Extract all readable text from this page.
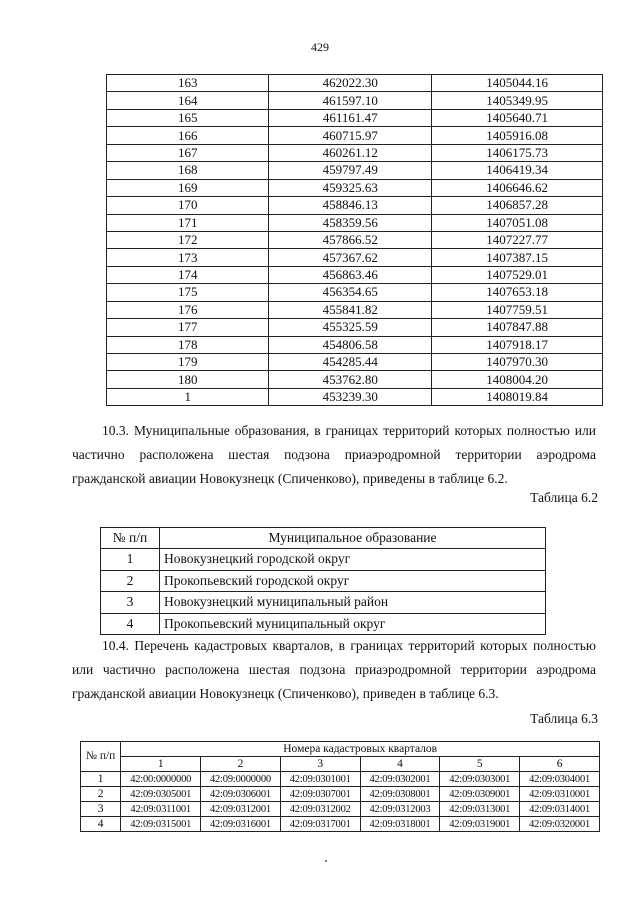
429
163	462022.30	1405044.16
164	461597.10	1405349.95
165	461161.47	1405640.71
166	460715.97	1405916.08
167	460261.12	1406175.73
168	459797.49	1406419.34
169	459325.63	1406646.62
170	458846.13	1406857.28
171	458359.56	1407051.08
172	457866.52	1407227.77
173	457367.62	1407387.15
174	456863.46	1407529.01
175	456354.65	1407653.18
176	455841.82	1407759.51
177	455325.59	1407847.88
178	454806.58	1407918.17
179	454285.44	1407970.30
180	453762.80	1408004.20
1	453239.30	1408019.84

10.3. Муниципальные образования, в границах территорий которых полностью или частично расположена шестая подзона приаэродромной территории аэродрома гражданской авиации Новокузнецк (Спиченково), приведены в таблице 6.2.

Таблица 6.2
№ п/п	Муниципальное образование
1	Новокузнецкий городской округ
2	Прокопьевский городской округ
3	Новокузнецкий муниципальный район
4	Прокопьевский муниципальный округ

10.4. Перечень кадастровых кварталов, в границах территорий которых полностью или частично расположена шестая подзона приаэродромной территории аэродрома гражданской авиации Новокузнецк (Спиченково), приведен в таблице 6.3.

Таблица 6.3
№ п/п	Номера кадастровых кварталов					
	1	2	3	4	5	6
1	42:00:0000000	42:09:0000000	42:09:0301001	42:09:0302001	42:09:0303001	42:09:0304001
2	42:09:0305001	42:09:0306001	42:09:0307001	42:09:0308001	42:09:0309001	42:09:0310001
3	42:09:0311001	42:09:0312001	42:09:0312002	42:09:0312003	42:09:0313001	42:09:0314001
4	42:09:0315001	42:09:0316001	42:09:0317001	42:09:0318001	42:09:0319001	42:09:0320001
